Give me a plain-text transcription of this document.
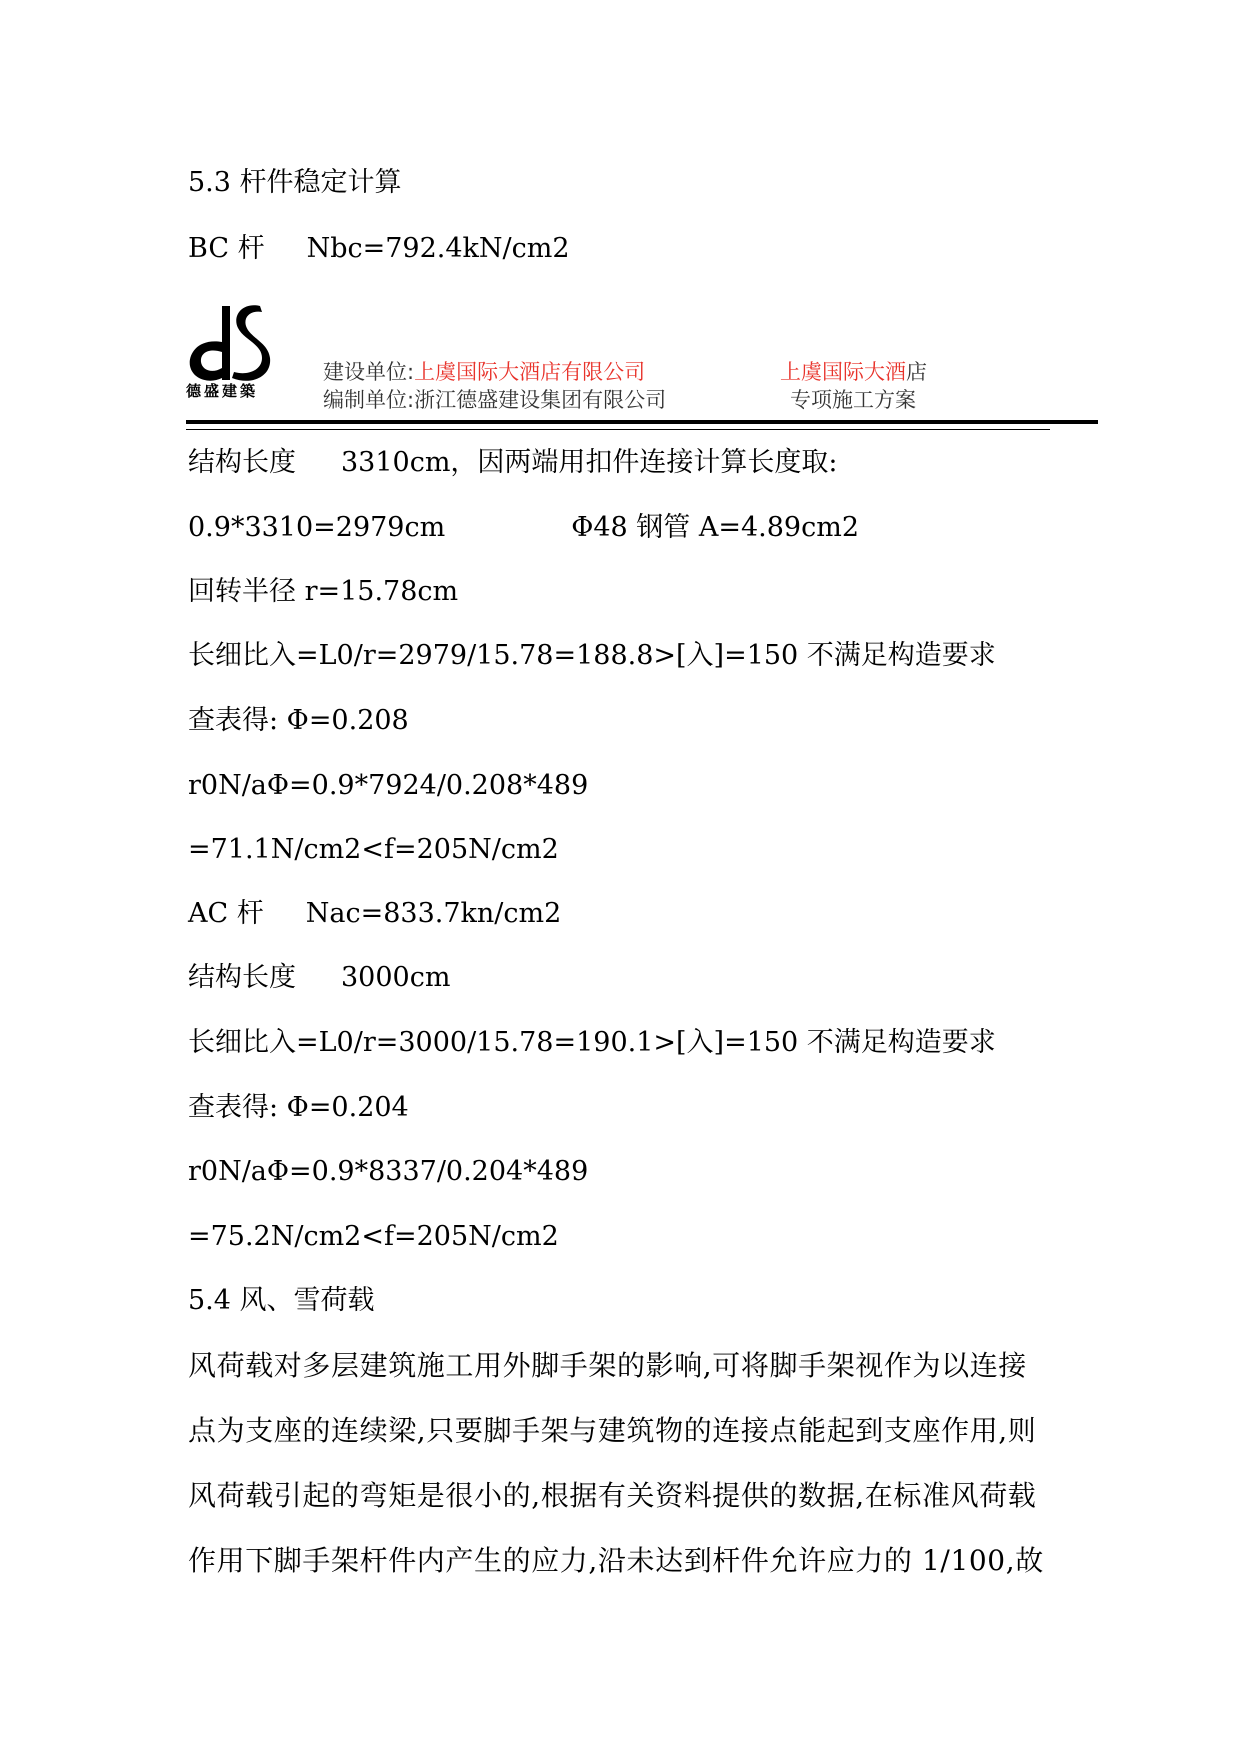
5.3 杆件稳定计算
BC 杆 Nbc=792.4kN/cm2
德盛建築
建设单位:上虞国际大酒店有限公司
编制单位:浙江德盛建设集团有限公司
上虞国际大酒店
专项施工方案
结构长度 3310cm，因两端用扣件连接计算长度取:
0.9*3310=2979cm	Φ48 钢管 A=4.89cm2
回转半径 r=15.78cm
长细比入=L0/r=2979/15.78=188.8>[入]=150 不满足构造要求
查表得: Φ=0.208
r0N/aΦ=0.9*7924/0.208*489
=71.1N/cm2<f=205N/cm2
AC 杆 Nac=833.7kn/cm2
结构长度 3000cm
长细比入=L0/r=3000/15.78=190.1>[入]=150 不满足构造要求
查表得: Φ=0.204
r0N/aΦ=0.9*8337/0.204*489
=75.2N/cm2<f=205N/cm2
5.4 风、雪荷载
风荷载对多层建筑施工用外脚手架的影响,可将脚手架视作为以连接
点为支座的连续梁,只要脚手架与建筑物的连接点能起到支座作用,则
风荷载引起的弯矩是很小的,根据有关资料提供的数据,在标准风荷载
作用下脚手架杆件内产生的应力,沿未达到杆件允许应力的 1/100,故
